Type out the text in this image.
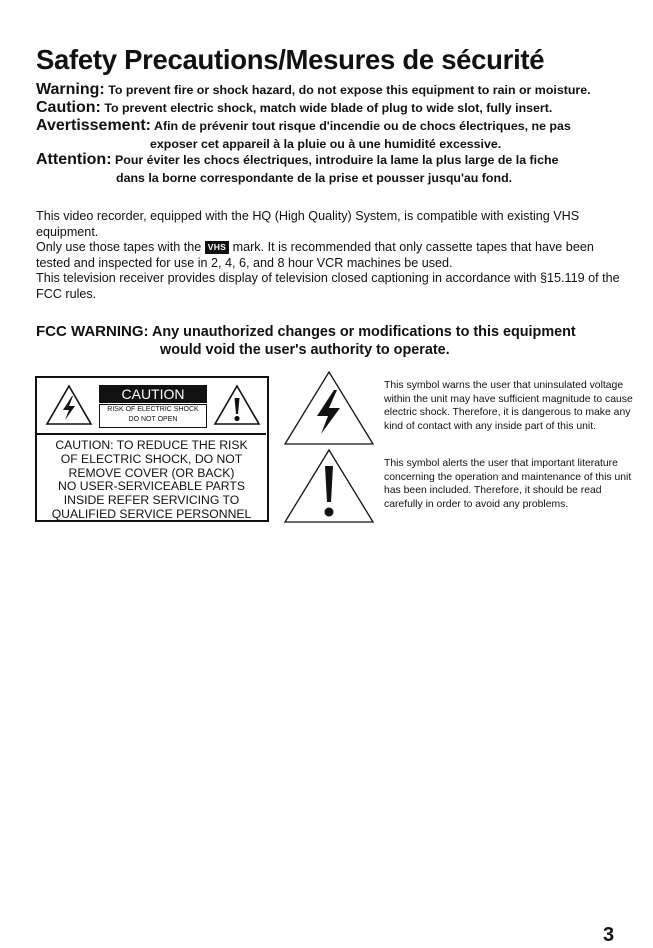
Safety Precautions/Mesures de sécurité
Warning: To prevent fire or shock hazard, do not expose this equipment to rain or moisture.
Caution: To prevent electric shock, match wide blade of plug to wide slot, fully insert.
Avertissement: Afin de prévenir tout risque d'incendie ou de chocs électriques, ne pas
exposer cet appareil à la pluie ou à une humidité excessive.
Attention: Pour éviter les chocs électriques, introduire la lame la plus large de la fiche
dans la borne correspondante de la prise et pousser jusqu'au fond.
This video recorder, equipped with the HQ (High Quality) System, is compatible with existing VHS equipment.
Only use those tapes with the VHS mark. It is recommended that only cassette tapes that have been tested and inspected for use in 2, 4, 6, and 8 hour VCR machines be used.
This television receiver provides display of television closed captioning in accordance with §15.119 of the FCC rules.
FCC WARNING: Any unauthorized changes or modifications to this equipment
would void the user's authority to operate.
CAUTION
RISK OF ELECTRIC SHOCK
DO NOT OPEN
CAUTION: TO REDUCE THE RISK
OF ELECTRIC SHOCK, DO NOT
REMOVE COVER (OR BACK)
NO USER-SERVICEABLE PARTS
INSIDE REFER SERVICING TO
QUALIFIED SERVICE PERSONNEL
This symbol warns the user that uninsulated voltage within the unit may have sufficient magnitude to cause electric shock. Therefore, it is dangerous to make any kind of contact with any inside part of this unit.
This symbol alerts the user that important literature concerning the operation and maintenance of this unit has been included. Therefore, it should be read carefully in order to avoid any problems.
3
